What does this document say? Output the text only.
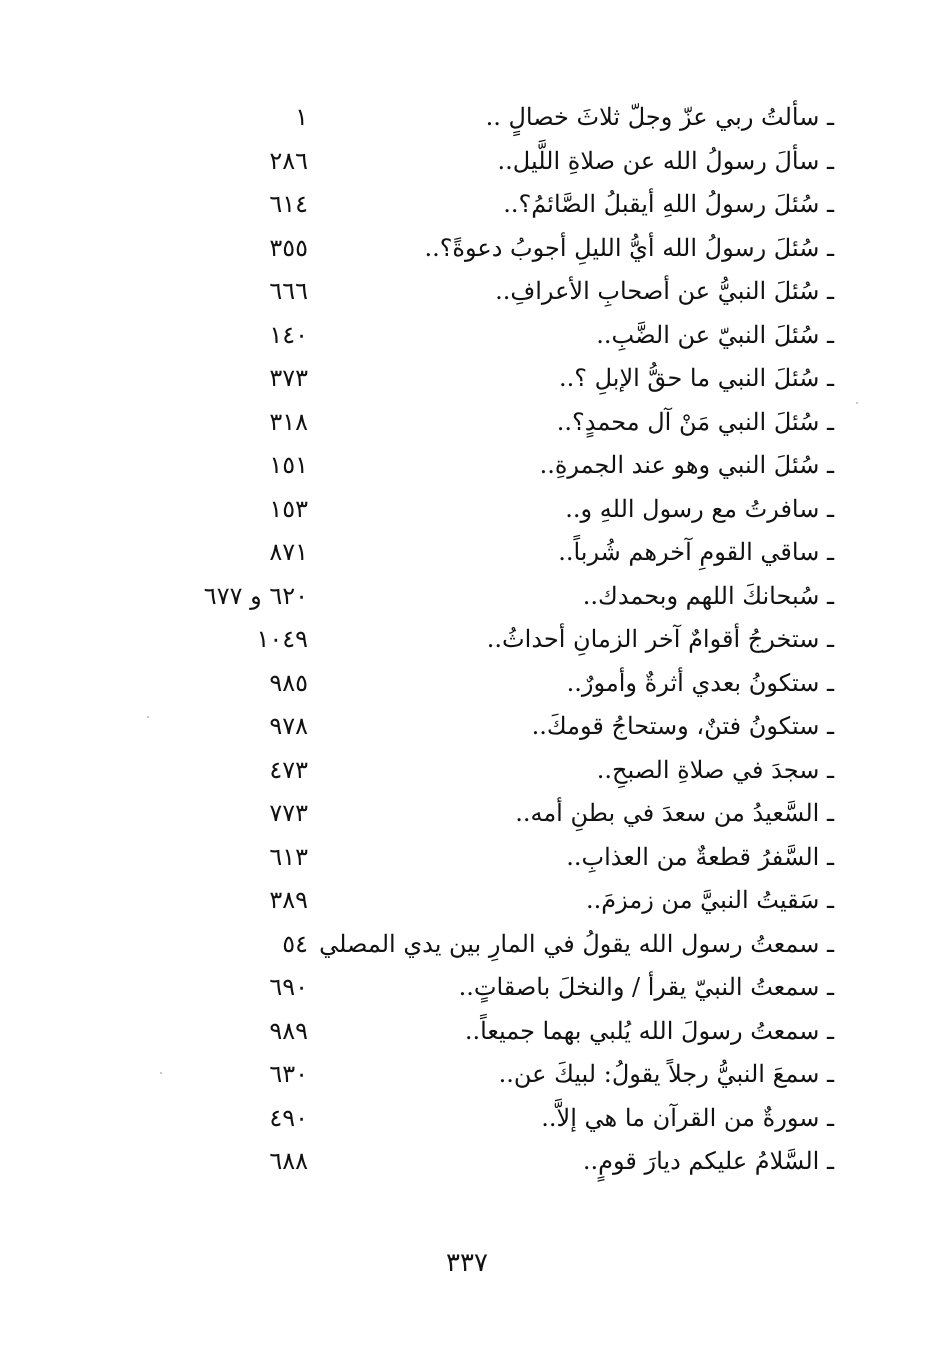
ـ سألتُ ربي عزّ وجلّ ثلاثَ خصالٍ ..
١
ـ سألَ رسولُ الله عن صلاةِ اللَّيل..
٢٨٦
ـ سُئلَ رسولُ اللهِ أيقبلُ الصَّائمُ؟..
٦١٤
ـ سُئلَ رسولُ الله أيُّ الليلِ أجوبُ دعوةً؟..
٣٥٥
ـ سُئلَ النبيُّ عن أصحابِ الأعرافِ..
٦٦٦
ـ سُئلَ النبيّ عن الضَّبِ..
١٤٠
ـ سُئلَ النبي ما حقُّ الإبلِ ؟..
٣٧٣
ـ سُئلَ النبي مَنْ آل محمدٍ؟..
٣١٨
ـ سُئلَ النبي وهو عند الجمرةِ..
١٥١
ـ سافرتُ مع رسول اللهِ و..
١٥٣
ـ ساقي القومِ آخرهم شُرباً..
٨٧١
ـ سُبحانكَ اللهم وبحمدك..
٦٢٠ و ٦٧٧
ـ ستخرجُ أقوامٌ آخر الزمانِ أحداثُ..
١٠٤٩
ـ ستكونُ بعدي أثرةٌ وأمورٌ..
٩٨٥
ـ ستكونُ فتنٌ، وستحاجُ قومكَ..
٩٧٨
ـ سجدَ في صلاةِ الصبحِ..
٤٧٣
ـ السَّعيدُ من سعدَ في بطنِ أمه..
٧٧٣
ـ السَّفرُ قطعةٌ من العذابِ..
٦١٣
ـ سَقيتُ النبيَّ من زمزمَ..
٣٨٩
ـ سمعتُ رسول الله يقولُ في المارِ بين يدي المصلي
٥٤
ـ سمعتُ النبيّ يقرأ / والنخلَ باصقاتٍ..
٦٩٠
ـ سمعتُ رسولَ الله يُلبي بهما جميعاً..
٩٨٩
ـ سمعَ النبيُّ رجلاً يقولُ: لبيكَ عن..
٦٣٠
ـ سورةٌ من القرآن ما هي إلاَّ..
٤٩٠
ـ السَّلامُ عليكم ديارَ قومٍ..
٦٨٨
٣٣٧
